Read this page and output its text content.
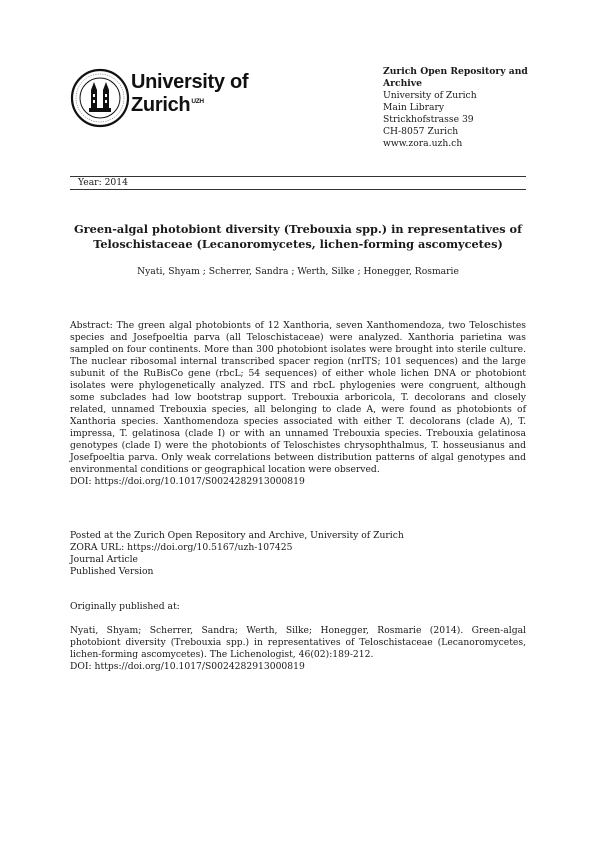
University of
Zurich$^{UZH}$
Zurich Open Repository and
Archive
University of Zurich
Main Library
Strickhofstrasse 39
CH-8057 Zurich
www.zora.uzh.ch
Year: 2014
Green-algal photobiont diversity (Trebouxia spp.) in representatives of
Teloschistaceae (Lecanoromycetes, lichen-forming ascomycetes)
Nyati, Shyam ; Scherrer, Sandra ; Werth, Silke ; Honegger, Rosmarie
Abstract: The green algal photobionts of 12 Xanthoria, seven Xanthomendoza, two Teloschistes species and Josefpoeltia parva (all Teloschistaceae) were analyzed. Xanthoria parietina was sampled on four continents. More than 300 photobiont isolates were brought into sterile culture. The nuclear ribosomal internal transcribed spacer region (nrITS; 101 sequences) and the large subunit of the RuBisCo gene (rbcL; 54 sequences) of either whole lichen DNA or photobiont isolates were phylogenetically analyzed. ITS and rbcL phylogenies were congruent, although some subclades had low bootstrap support. Trebouxia arboricola, T. decolorans and closely related, unnamed Trebouxia species, all belonging to clade A, were found as photobionts of Xanthoria species. Xanthomendoza species associated with either T. decolorans (clade A), T. impressa, T. gelatinosa (clade I) or with an unnamed Trebouxia species. Trebouxia gelatinosa genotypes (clade I) were the photobionts of Teloschistes chrysophthalmus, T. hosseusianus and Josefpoeltia parva. Only weak correlations between distribution patterns of algal genotypes and environmental conditions or geographical location were observed.
DOI: https://doi.org/10.1017/S0024282913000819
Posted at the Zurich Open Repository and Archive, University of Zurich
ZORA URL: https://doi.org/10.5167/uzh-107425
Journal Article
Published Version
Originally published at:
Nyati, Shyam; Scherrer, Sandra; Werth, Silke; Honegger, Rosmarie (2014). Green-algal photobiont diversity (Trebouxia spp.) in representatives of Teloschistaceae (Lecanoromycetes, lichen-forming ascomycetes). The Lichenologist, 46(02):189-212.
DOI: https://doi.org/10.1017/S0024282913000819
